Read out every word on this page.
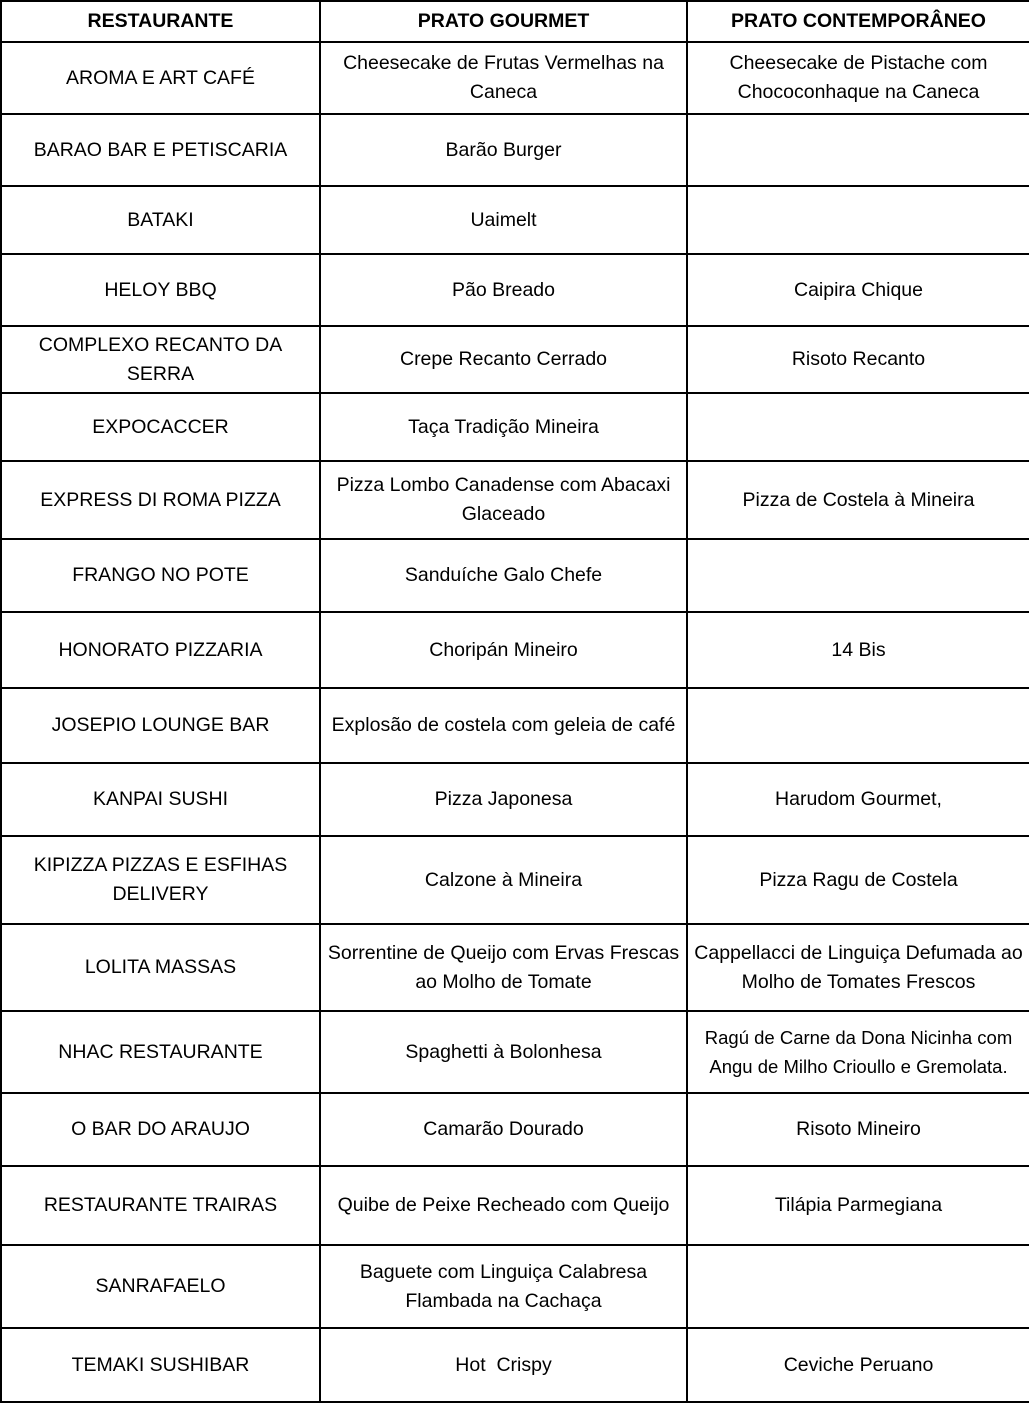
RESTAURANTE	PRATO GOURMET	PRATO CONTEMPORÂNEO
AROMA E ART CAFÉ	Cheesecake de Frutas Vermelhas na Caneca	Cheesecake de Pistache com Chococonhaque na Caneca
BARAO BAR E PETISCARIA	Barão Burger	
BATAKI	Uaimelt	
HELOY BBQ	Pão Breado	Caipira Chique
COMPLEXO RECANTO DA SERRA	Crepe Recanto Cerrado	Risoto Recanto
EXPOCACCER	Taça Tradição Mineira	
EXPRESS DI ROMA PIZZA	Pizza Lombo Canadense com Abacaxi Glaceado	Pizza de Costela à Mineira
FRANGO NO POTE	Sanduíche Galo Chefe	
HONORATO PIZZARIA	Choripán Mineiro	14 Bis
JOSEPIO LOUNGE BAR	Explosão de costela com geleia de café	
KANPAI SUSHI	Pizza Japonesa	Harudom Gourmet,
KIPIZZA PIZZAS E ESFIHAS DELIVERY	Calzone à Mineira	Pizza Ragu de Costela
LOLITA MASSAS	Sorrentine de Queijo com Ervas Frescas ao Molho de Tomate	Cappellacci de Linguiça Defumada ao Molho de Tomates Frescos
NHAC RESTAURANTE	Spaghetti à Bolonhesa	Ragú de Carne da Dona Nicinha com Angu de Milho Crioullo e Gremolata.
O BAR DO ARAUJO	Camarão Dourado	Risoto Mineiro
RESTAURANTE TRAIRAS	Quibe de Peixe Recheado com Queijo	Tilápia Parmegiana
SANRAFAELO	Baguete com Linguiça Calabresa Flambada na Cachaça	
TEMAKI SUSHIBAR	Hot  Crispy	Ceviche Peruano
